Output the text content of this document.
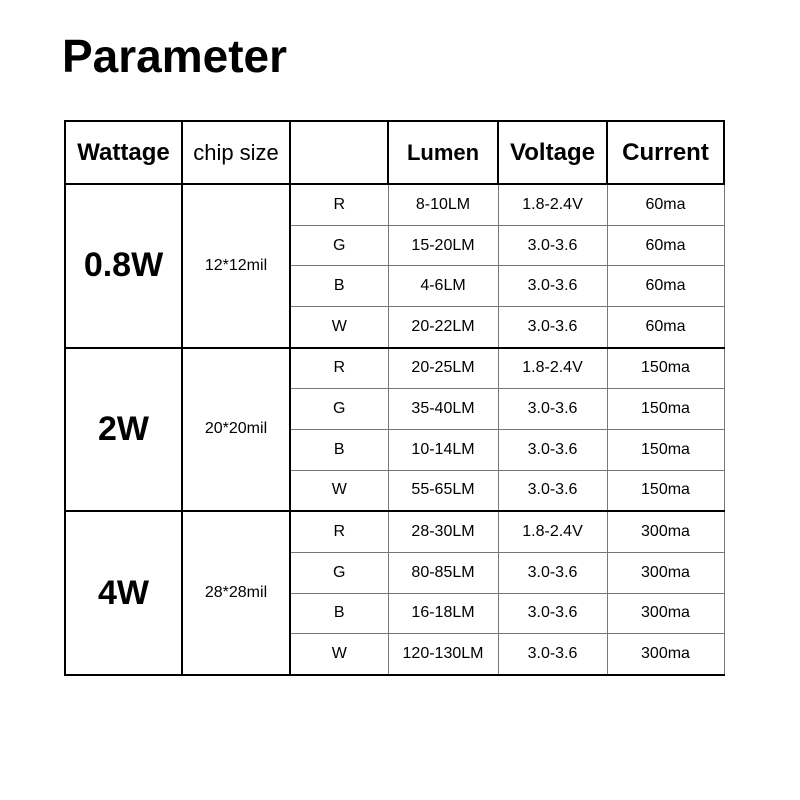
Parameter
Wattage	chip size		Lumen	Voltage	Current
0.8W	12*12mil	R	8-10LM	1.8-2.4V	60ma
		G	15-20LM	3.0-3.6	60ma
		B	4-6LM	3.0-3.6	60ma
		W	20-22LM	3.0-3.6	60ma
2W	20*20mil	R	20-25LM	1.8-2.4V	150ma
		G	35-40LM	3.0-3.6	150ma
		B	10-14LM	3.0-3.6	150ma
		W	55-65LM	3.0-3.6	150ma
4W	28*28mil	R	28-30LM	1.8-2.4V	300ma
		G	80-85LM	3.0-3.6	300ma
		B	16-18LM	3.0-3.6	300ma
		W	120-130LM	3.0-3.6	300ma
